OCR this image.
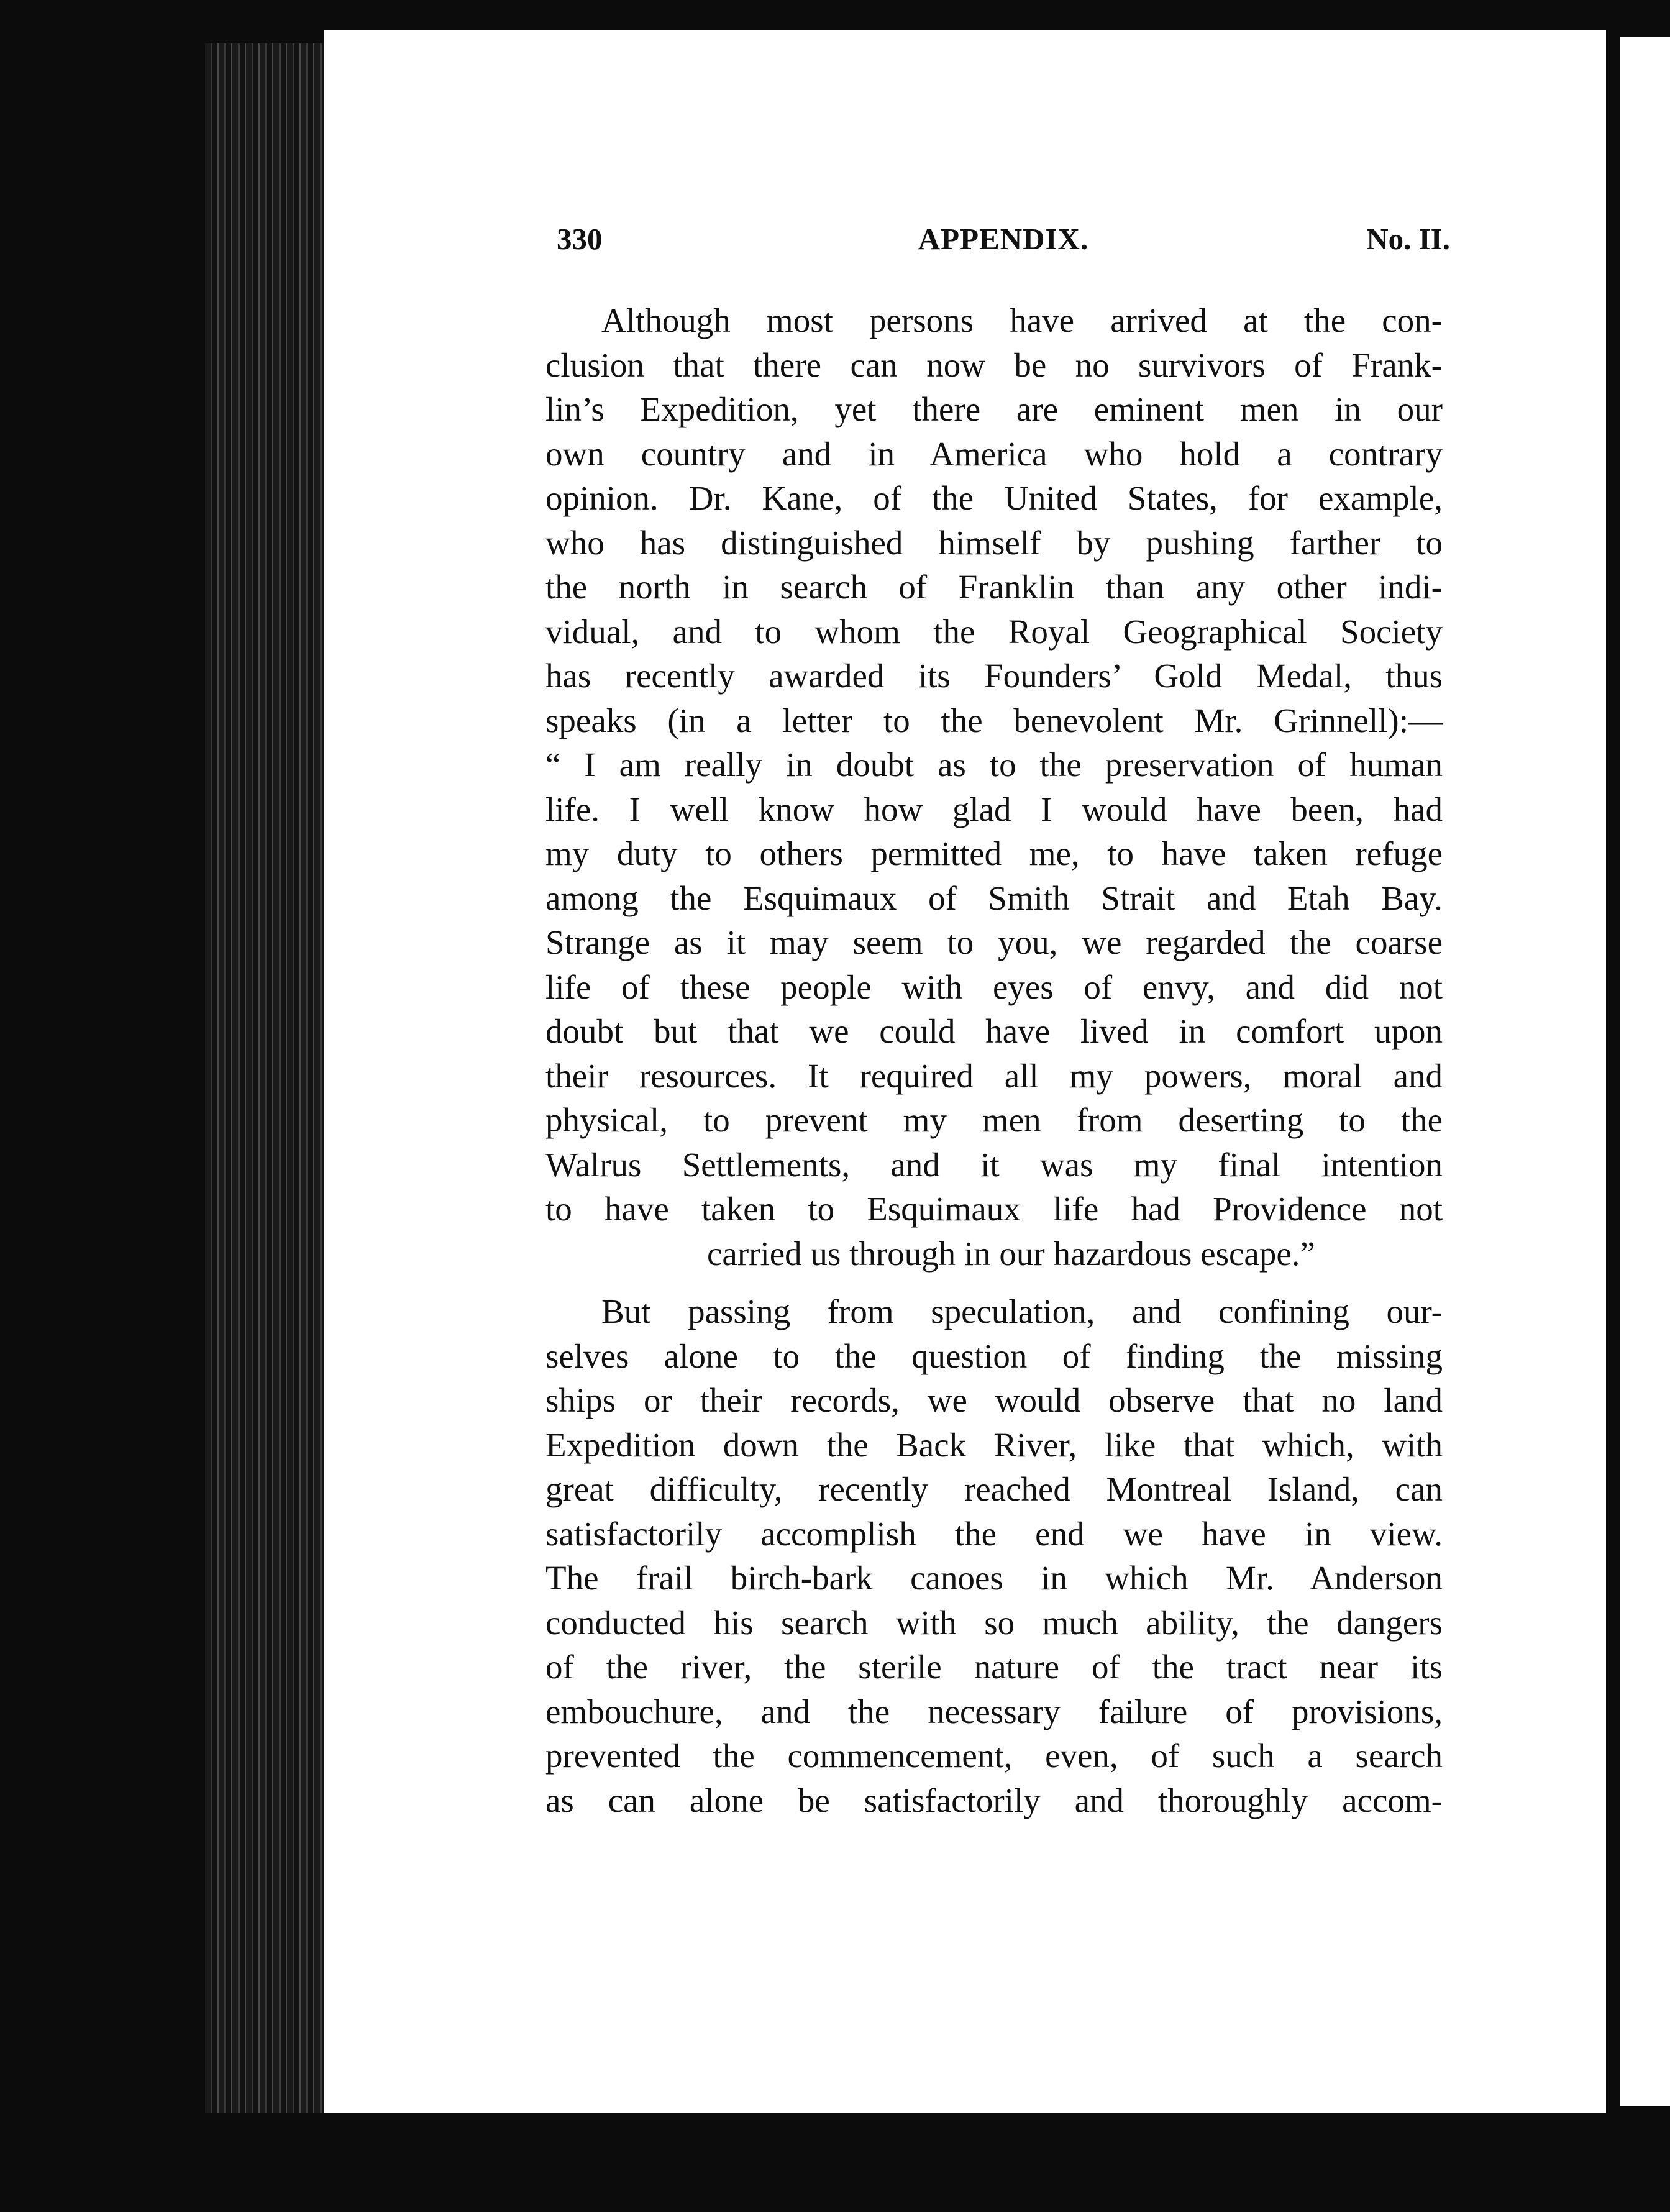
330	APPENDIX.	No. II.
Although most persons have arrived at the con-
clusion that there can now be no survivors of Frank-
lin’s Expedition, yet there are eminent men in our
own country and in America who hold a contrary
opinion. Dr. Kane, of the United States, for example,
who has distinguished himself by pushing farther to
the north in search of Franklin than any other indi-
vidual, and to whom the Royal Geographical Society
has recently awarded its Founders’ Gold Medal, thus
speaks (in a letter to the benevolent Mr. Grinnell):—
“ I am really in doubt as to the preservation of human
life. I well know how glad I would have been, had
my duty to others permitted me, to have taken refuge
among the Esquimaux of Smith Strait and Etah Bay.
Strange as it may seem to you, we regarded the coarse
life of these people with eyes of envy, and did not
doubt but that we could have lived in comfort upon
their resources. It required all my powers, moral and
physical, to prevent my men from deserting to the
Walrus Settlements, and it was my final intention
to have taken to Esquimaux life had Providence not
carried us through in our hazardous escape.”
But passing from speculation, and confining our-
selves alone to the question of finding the missing
ships or their records, we would observe that no land
Expedition down the Back River, like that which, with
great difficulty, recently reached Montreal Island, can
satisfactorily accomplish the end we have in view.
The frail birch-bark canoes in which Mr. Anderson
conducted his search with so much ability, the dangers
of the river, the sterile nature of the tract near its
embouchure, and the necessary failure of provisions,
prevented the commencement, even, of such a search
as can alone be satisfactorily and thoroughly accom-
